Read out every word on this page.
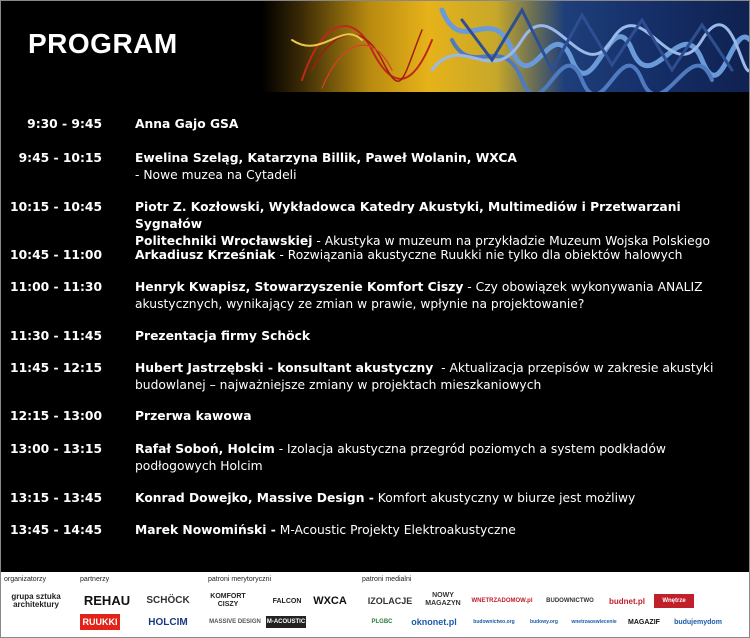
PROGRAM
9:30 - 9:45	Anna Gajo GSA
9:45 - 10:15	Ewelina Szeląg, Katarzyna Billik, Paweł Wolanin, WXCA
- Nowe muzea na Cytadeli
10:15 - 10:45	Piotr Z. Kozłowski, Wykładowca Katedry Akustyki, Multimediów i Przetwarzani Sygnałów
Politechniki Wrocławskiej - Akustyka w muzeum na przykładzie Muzeum Wojska Polskiego
10:45 - 11:00	Arkadiusz Krześniak - Rozwiązania akustyczne Ruukki nie tylko dla obiektów halowych
11:00 - 11:30	Henryk Kwapisz, Stowarzyszenie Komfort Ciszy - Czy obowiązek wykonywania ANALIZ
akustycznych, wynikający ze zmian w prawie, wpłynie na projektowanie?
11:30 - 11:45	Prezentacja firmy Schöck
11:45 - 12:15	Hubert Jastrzębski - konsultant akustyczny  - Aktualizacja przepisów w zakresie akustyki
budowlanej – najważniejsze zmiany w projektach mieszkaniowych
12:15 - 13:00	Przerwa kawowa
13:00 - 13:15	Rafał Soboń, Holcim - Izolacja akustyczna przegród poziomych a system podkładów
podłogowych Holcim
13:15 - 13:45	Konrad Dowejko, Massive Design - Komfort akustyczny w biurze jest możliwy
13:45 - 14:45	Marek Nowomiński - M-Acoustic Projekty Elektroakustyczne
organizatorzy	partnerzy	patroni merytoryczni	patroni medialni
grupa sztuka architektury	REHAU	SCHÖCK
RUUKKI	HOLCIM
KOMFORT CISZY	FALCON WXCA
MASSIVE DESIGN M-ACOUSTIC
IZOLACJE
NOWY MAGAZYN WNETRZADOMOW.pl	BUDOWNICTWO	budnet.pl	Wnętrze
PLGBC	oknonet.pl	budownictwo.org	budowy.org	wnetrzaoswiecenie	MAGAZIF	budujemydom
